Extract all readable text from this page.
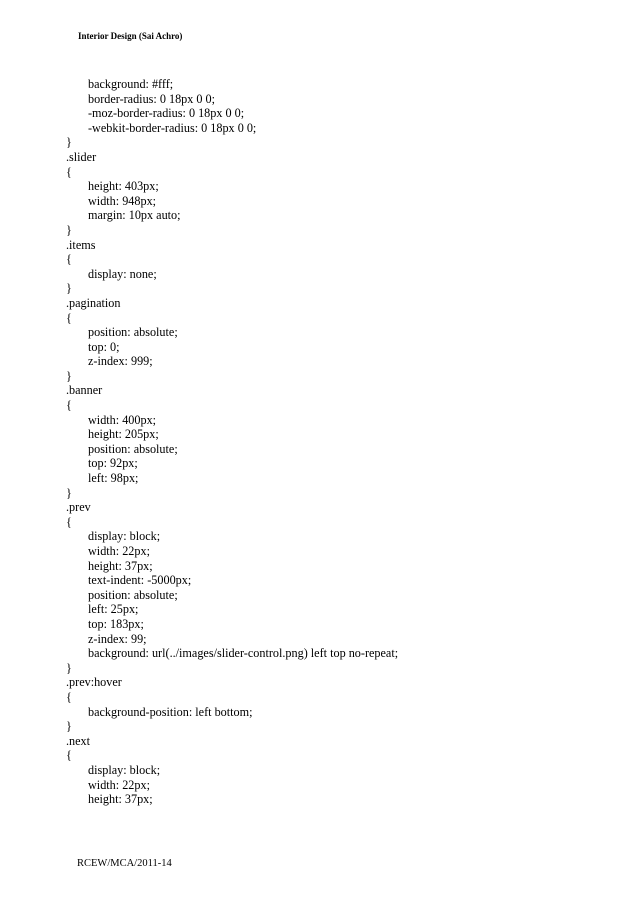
Interior Design (Sai Achro)
background: #fff;
border-radius: 0 18px 0 0;
-moz-border-radius: 0 18px 0 0;
-webkit-border-radius: 0 18px 0 0;
}
.slider
{
height: 403px;
width: 948px;
margin: 10px auto;
}
.items
{
display: none;
}
.pagination
{
position: absolute;
top: 0;
z-index: 999;
}
.banner
{
width: 400px;
height: 205px;
position: absolute;
top: 92px;
left: 98px;
}
.prev
{
display: block;
width: 22px;
height: 37px;
text-indent: -5000px;
position: absolute;
left: 25px;
top: 183px;
z-index: 99;
background: url(../images/slider-control.png) left top no-repeat;
}
.prev:hover
{
background-position: left bottom;
}
.next
{
display: block;
width: 22px;
height: 37px;
RCEW/MCA/2011-14
